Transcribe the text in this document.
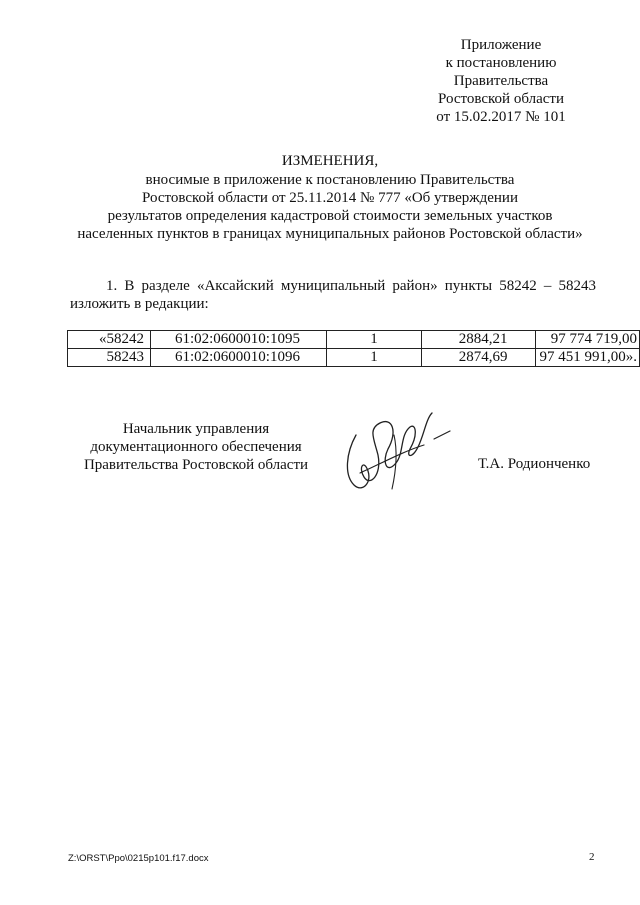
Приложение
к постановлению
Правительства
Ростовской области
от 15.02.2017 № 101
ИЗМЕНЕНИЯ,
вносимые в приложение к постановлению Правительства
Ростовской области от 25.11.2014 № 777 «Об утверждении
результатов определения кадастровой стоимости земельных участков
населенных пунктов в границах муниципальных районов Ростовской области»
1. В разделе «Аксайский муниципальный район» пункты 58242 – 58243
изложить в редакции:
«58242	61:02:0600010:1095	1	2884,21	97 774 719,00
58243	61:02:0600010:1096	1	2874,69	97 451 991,00».
Начальник управления
документационного обеспечения
Правительства Ростовской области	Т.А. Родионченко
Z:\ORST\Ppo\0215p101.f17.docx	2
